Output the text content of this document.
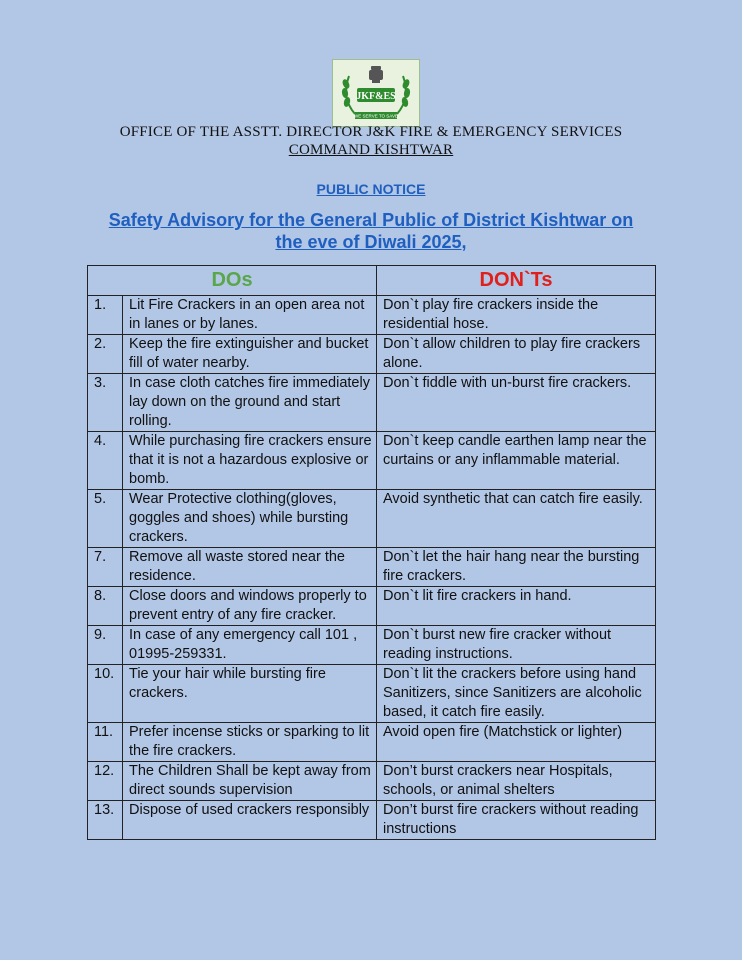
JKF&ES
WE SERVE TO SAVE
OFFICE OF THE ASSTT. DIRECTOR J&K FIRE & EMERGENCY SERVICES
COMMAND KISHTWAR
PUBLIC NOTICE
Safety Advisory for the General Public of District Kishtwar on
the eve of Diwali 2025,
DOs		DON`Ts
1.	Lit Fire Crackers in an open area not in lanes or by lanes.	Don`t play fire crackers inside the residential hose.
2.	Keep the fire extinguisher and bucket fill of water nearby.	Don`t allow children to play fire crackers alone.
3.	In case cloth catches fire immediately lay down on the ground and start rolling.	Don`t fiddle with un-burst fire crackers.
4.	While purchasing fire crackers ensure that it is not a hazardous explosive or bomb.	Don`t keep candle earthen lamp near the curtains or any inflammable material.
5.	Wear Protective clothing(gloves, goggles and shoes) while bursting crackers.	Avoid synthetic that can catch fire easily.
7.	Remove all waste stored near the residence.	Don`t let the hair hang near the bursting fire crackers.
8.	Close doors and windows properly to prevent entry of any fire cracker.	Don`t lit fire crackers in hand.
9.	In case of any emergency call 101 , 01995-259331.	Don`t burst new fire cracker without reading instructions.
10.	Tie your hair while bursting fire crackers.	Don`t lit the crackers before using hand Sanitizers, since Sanitizers are alcoholic based, it catch fire easily.
11.	Prefer incense sticks or sparking to lit the fire crackers.	Avoid open fire (Matchstick or lighter)
12.	The Children Shall be kept away from direct sounds supervision	Don’t burst crackers near Hospitals, schools, or animal shelters
13.	Dispose of used crackers responsibly	Don’t burst fire crackers without reading instructions
